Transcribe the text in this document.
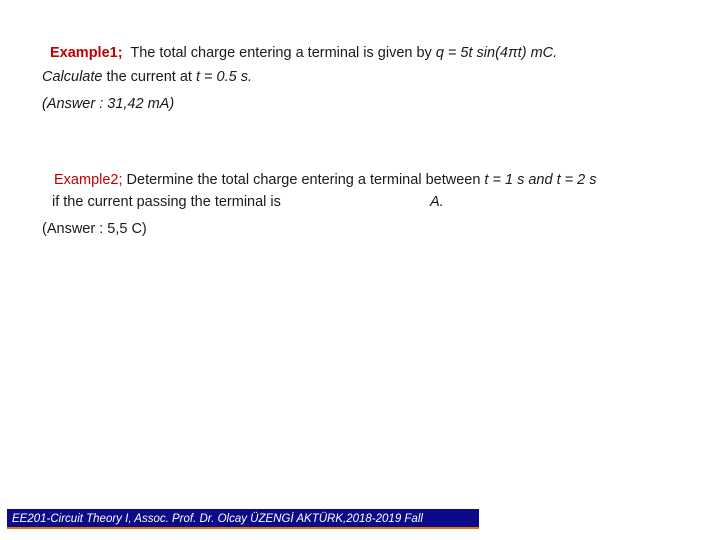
Example1; The total charge entering a terminal is given by q = 5t sin(4πt) mC.
Calculate the current at t = 0.5 s.
(Answer : 31,42 mA)
Example2; Determine the total charge entering a terminal between t = 1 s and t = 2 s
if the current passing the terminal is	A.
(Answer : 5,5 C)
EE201-Circuit Theory I, Assoc. Prof. Dr. Olcay ÜZENGİ AKTÜRK,2018-2019 Fall
